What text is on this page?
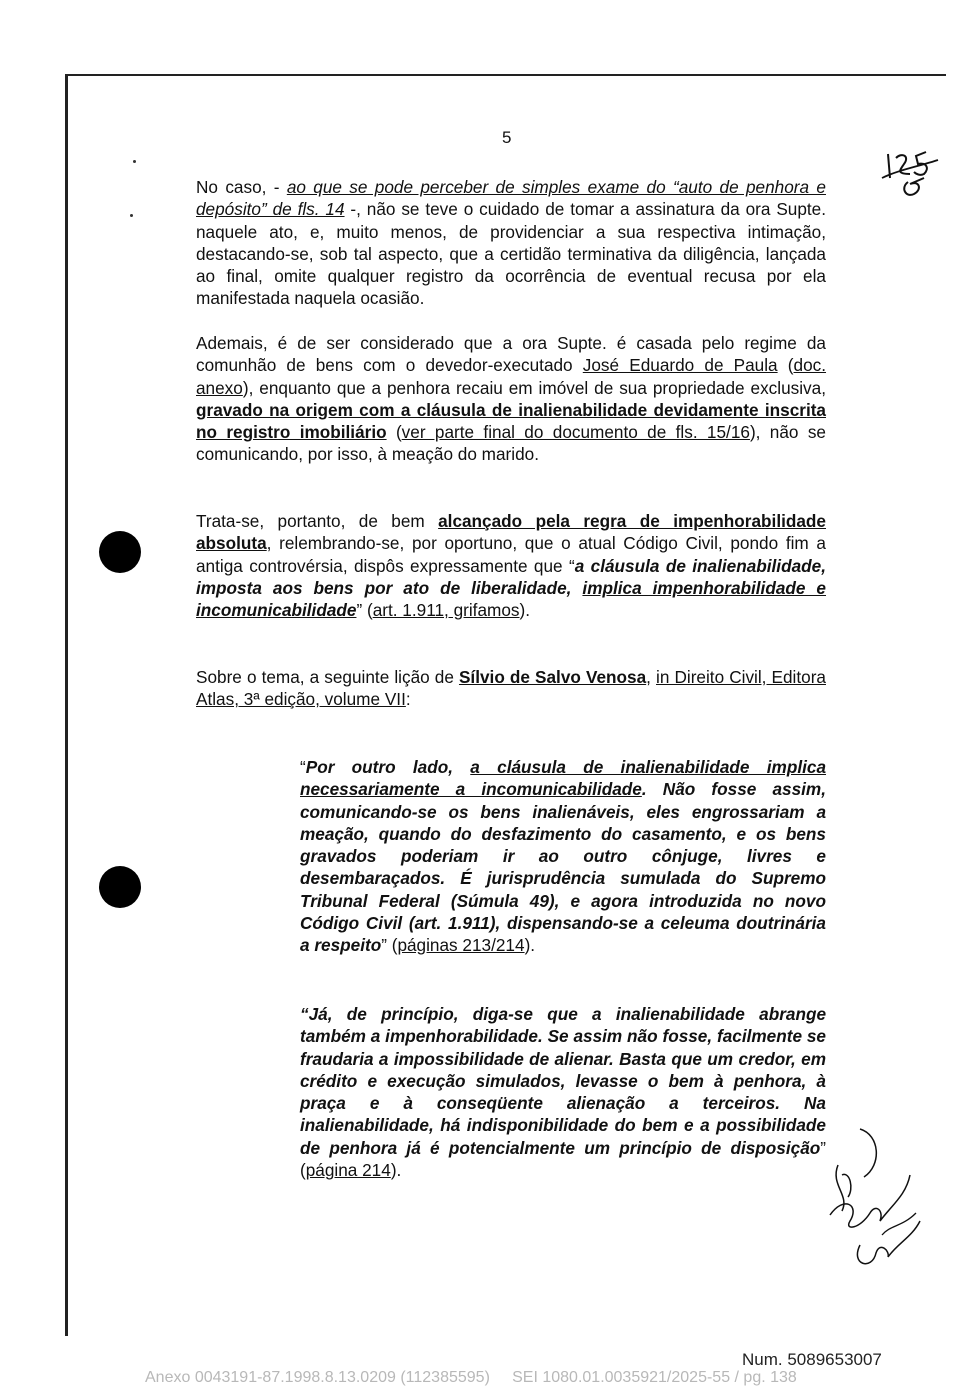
5

No caso, - ao que se pode perceber de simples exame do “auto de penhora e depósito” de fls. 14 -, não se teve o cuidado de tomar a assinatura da ora Supte. naquele ato, e, muito menos, de providenciar a sua respectiva intimação, destacando-se, sob tal aspecto, que a certidão terminativa da diligência, lançada ao final, omite qualquer registro da ocorrência de eventual recusa por ela manifestada naquela ocasião.

Ademais, é de ser considerado que a ora Supte. é casada pelo regime da comunhão de bens com o devedor-executado José Eduardo de Paula (doc. anexo), enquanto que a penhora recaiu em imóvel de sua propriedade exclusiva, gravado na origem com a cláusula de inalienabilidade devidamente inscrita no registro imobiliário (ver parte final do documento de fls. 15/16), não se comunicando, por isso, à meação do marido.

Trata-se, portanto, de bem alcançado pela regra de impenhorabilidade absoluta, relembrando-se, por oportuno, que o atual Código Civil, pondo fim a antiga controvérsia, dispôs expressamente que “a cláusula de inalienabilidade, imposta aos bens por ato de liberalidade, implica impenhorabilidade e incomunicabilidade” (art. 1.911, grifamos).

Sobre o tema, a seguinte lição de Sílvio de Salvo Venosa, in Direito Civil, Editora Atlas, 3ª edição, volume VII:

“Por outro lado, a cláusula de inalienabilidade implica necessariamente a incomunicabilidade. Não fosse assim, comunicando-se os bens inalienáveis, eles engrossariam a meação, quando do desfazimento do casamento, e os bens gravados poderiam ir ao outro cônjuge, livres e desembaraçados. É jurisprudência sumulada do Supremo Tribunal Federal (Súmula 49), e agora introduzida no novo Código Civil (art. 1.911), dispensando-se a celeuma doutrinária a respeito” (páginas 213/214).

“Já, de princípio, diga-se que a inalienabilidade abrange também a impenhorabilidade. Se assim não fosse, facilmente se fraudaria a impossibilidade de alienar. Basta que um credor, em crédito e execução simulados, levasse o bem à penhora, à praça e à conseqüente alienação a terceiros. Na inalienabilidade, há indisponibilidade do bem e a possibilidade de penhora já é potencialmente um princípio de disposição” (página 214).

Num. 5089653007
Anexo 0043191-87.1998.8.13.0209 (112385595)     SEI 1080.01.0035921/2025-55 / pg. 138
